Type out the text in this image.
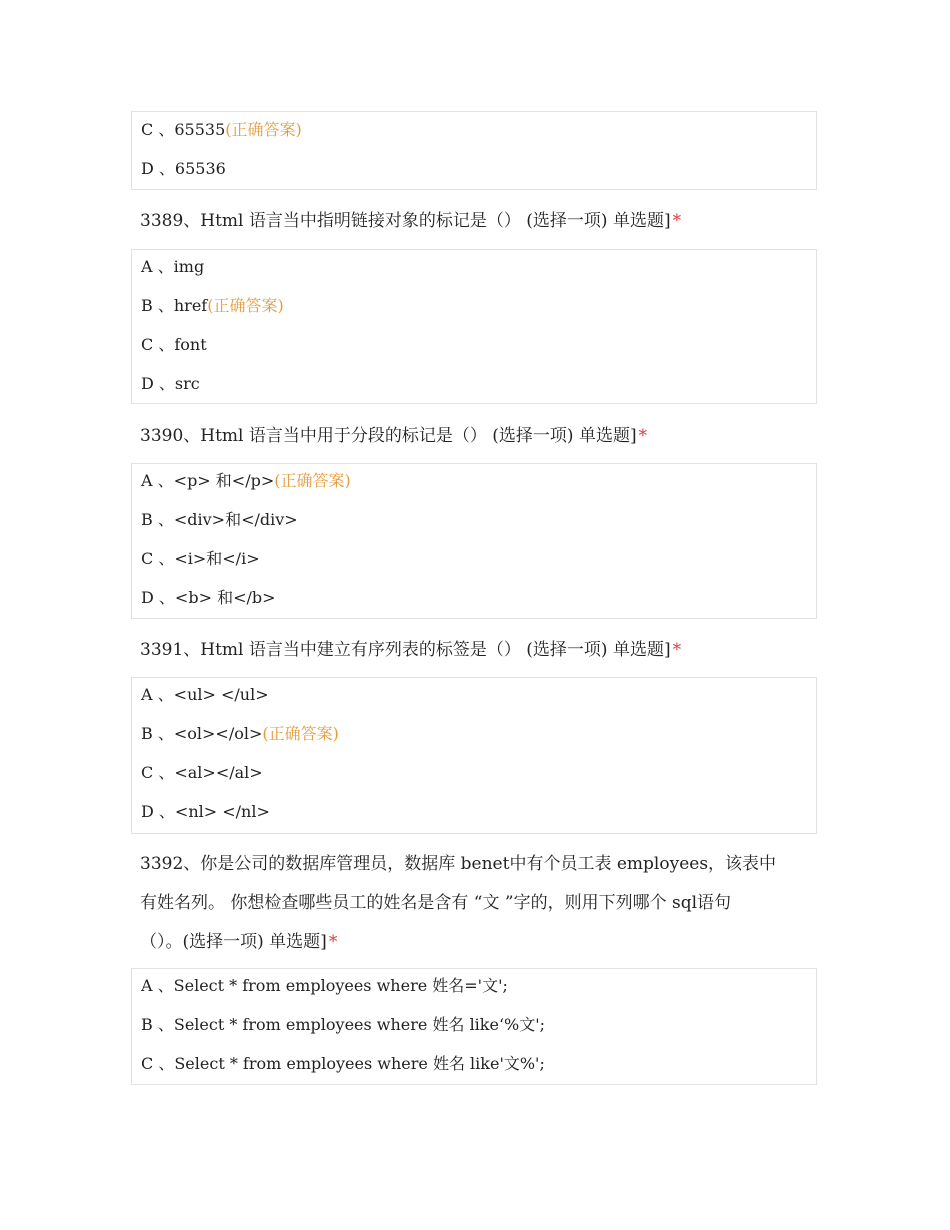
C 、65535(正确答案)
D 、65536
3389、Html 语言当中指明链接对象的标记是（） (选择一项) 单选题] *
A 、img
B 、href(正确答案)
C 、font
D 、src
3390、Html 语言当中用于分段的标记是（） (选择一项) 单选题] *
A 、<p> 和</p>(正确答案)
B 、<div>和</div>
C 、<i>和</i>
D 、<b> 和</b>
3391、Html 语言当中建立有序列表的标签是（） (选择一项) 单选题] *
A 、<ul> </ul>
B 、<ol></ol>(正确答案)
C 、<al></al>
D 、<nl> </nl>
3392、你是公司的数据库管理员，数据库 benet中有个员工表 employees，该表中
有姓名列。 你想检查哪些员工的姓名是含有 “文 ”字的，则用下列哪个 sql语句
（）。(选择一项) 单选题] *
A 、Select * from employees where 姓名='文';
B 、Select * from employees where 姓名 like‘%文';
C 、Select * from employees where 姓名 like'文%';
